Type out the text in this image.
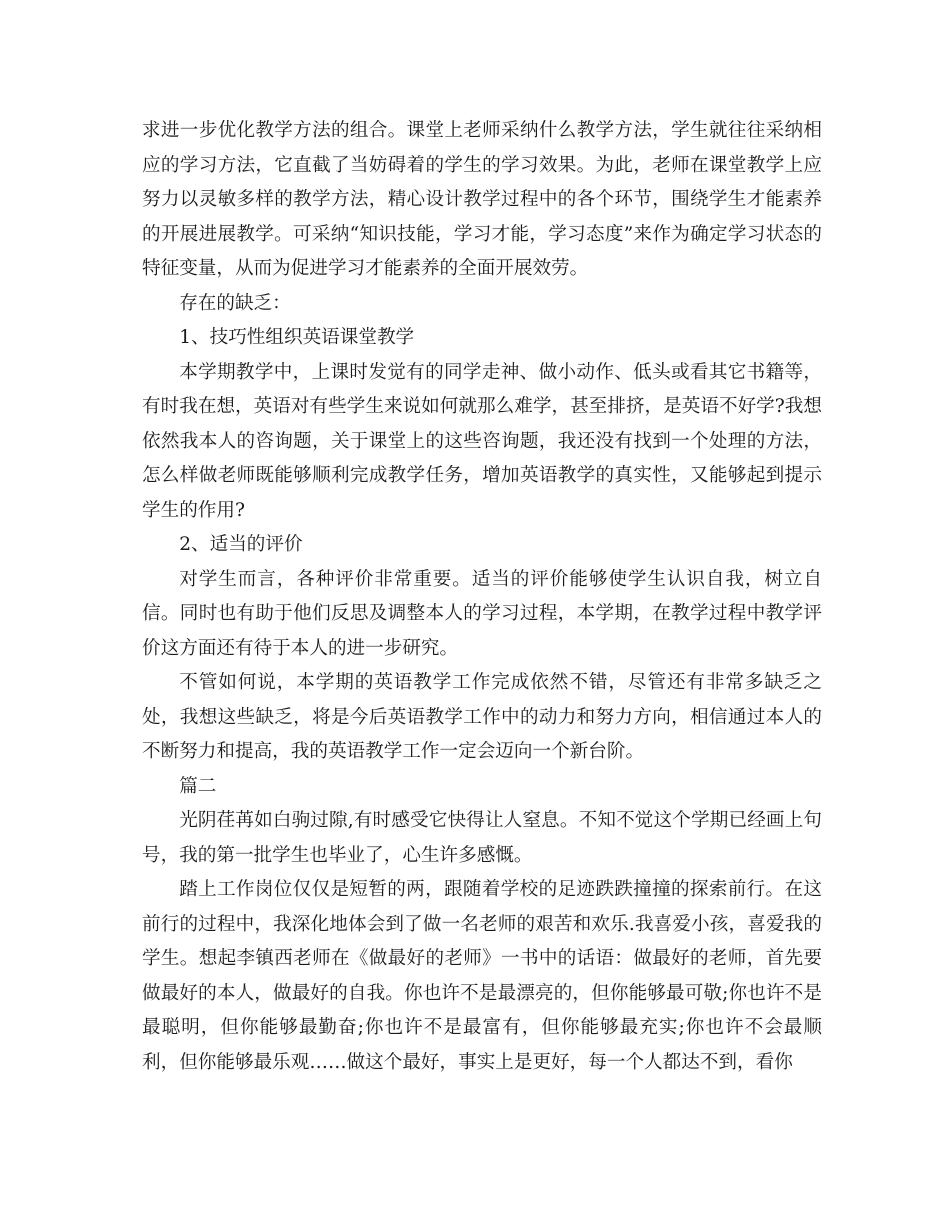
求进一步优化教学方法的组合。课堂上老师采纳什么教学方法，学生就往往采纳相应的学习方法，它直截了当妨碍着的学生的学习效果。为此，老师在课堂教学上应努力以灵敏多样的教学方法，精心设计教学过程中的各个环节，围绕学生才能素养的开展进展教学。可采纳“知识技能，学习才能，学习态度”来作为确定学习状态的特征变量，从而为促进学习才能素养的全面开展效劳。

存在的缺乏：

1、技巧性组织英语课堂教学

本学期教学中，上课时发觉有的同学走神、做小动作、低头或看其它书籍等，有时我在想，英语对有些学生来说如何就那么难学，甚至排挤，是英语不好学?我想依然我本人的咨询题，关于课堂上的这些咨询题，我还没有找到一个处理的方法，怎么样做老师既能够顺利完成教学任务，增加英语教学的真实性，又能够起到提示学生的作用?

2、适当的评价

对学生而言，各种评价非常重要。适当的评价能够使学生认识自我，树立自信。同时也有助于他们反思及调整本人的学习过程，本学期，在教学过程中教学评价这方面还有待于本人的进一步研究。

不管如何说，本学期的英语教学工作完成依然不错，尽管还有非常多缺乏之处，我想这些缺乏，将是今后英语教学工作中的动力和努力方向，相信通过本人的不断努力和提高，我的英语教学工作一定会迈向一个新台阶。

篇二

光阴荏苒如白驹过隙,有时感受它快得让人窒息。不知不觉这个学期已经画上句号，我的第一批学生也毕业了，心生许多感慨。

踏上工作岗位仅仅是短暂的两，跟随着学校的足迹跌跌撞撞的探索前行。在这前行的过程中，我深化地体会到了做一名老师的艰苦和欢乐.我喜爱小孩，喜爱我的学生。想起李镇西老师在《做最好的老师》一书中的话语：做最好的老师，首先要做最好的本人，做最好的自我。你也许不是最漂亮的，但你能够最可敬;你也许不是最聪明，但你能够最勤奋;你也许不是最富有，但你能够最充实;你也许不会最顺利，但你能够最乐观……做这个最好，事实上是更好，每一个人都达不到，看你
